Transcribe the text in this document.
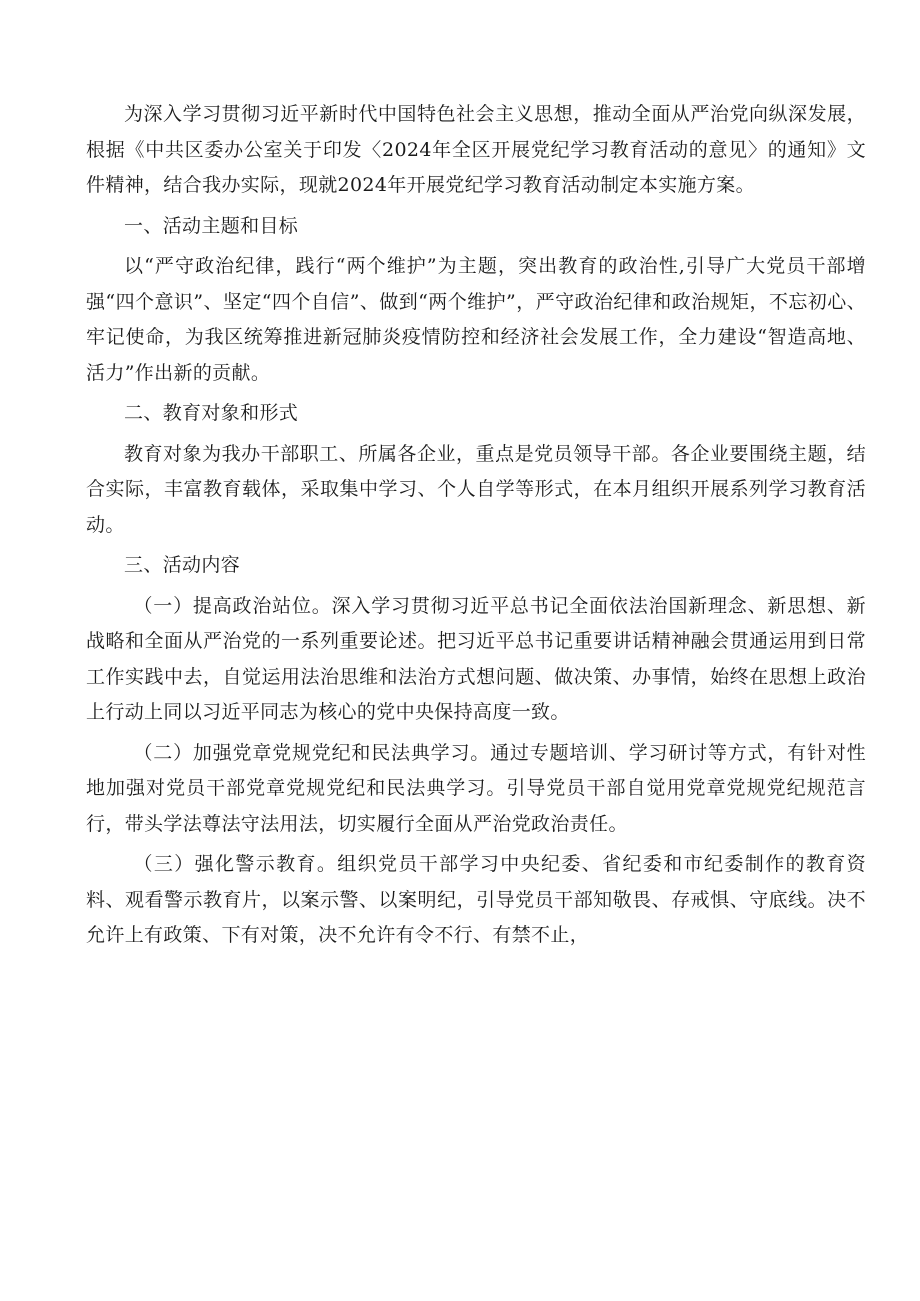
为深入学习贯彻习近平新时代中国特色社会主义思想，推动全面从严治党向纵深发展，根据《中共区委办公室关于印发〈2024年全区开展党纪学习教育活动的意见〉的通知》文件精神，结合我办实际，现就2024年开展党纪学习教育活动制定本实施方案。

一、活动主题和目标

以“严守政治纪律，践行“两个维护”为主题，突出教育的政治性,引导广大党员干部增强“四个意识”、坚定“四个自信”、做到“两个维护”，严守政治纪律和政治规矩，不忘初心、牢记使命，为我区统筹推进新冠肺炎疫情防控和经济社会发展工作，全力建设“智造高地、活力”作出新的贡献。

二、教育对象和形式

教育对象为我办干部职工、所属各企业，重点是党员领导干部。各企业要围绕主题，结合实际，丰富教育载体，采取集中学习、个人自学等形式，在本月组织开展系列学习教育活动。

三、活动内容

（一）提高政治站位。深入学习贯彻习近平总书记全面依法治国新理念、新思想、新战略和全面从严治党的一系列重要论述。把习近平总书记重要讲话精神融会贯通运用到日常工作实践中去，自觉运用法治思维和法治方式想问题、做决策、办事情，始终在思想上政治上行动上同以习近平同志为核心的党中央保持高度一致。

（二）加强党章党规党纪和民法典学习。通过专题培训、学习研讨等方式，有针对性地加强对党员干部党章党规党纪和民法典学习。引导党员干部自觉用党章党规党纪规范言行，带头学法尊法守法用法，切实履行全面从严治党政治责任。

（三）强化警示教育。组织党员干部学习中央纪委、省纪委和市纪委制作的教育资料、观看警示教育片，以案示警、以案明纪，引导党员干部知敬畏、存戒惧、守底线。决不允许上有政策、下有对策，决不允许有令不行、有禁不止，
